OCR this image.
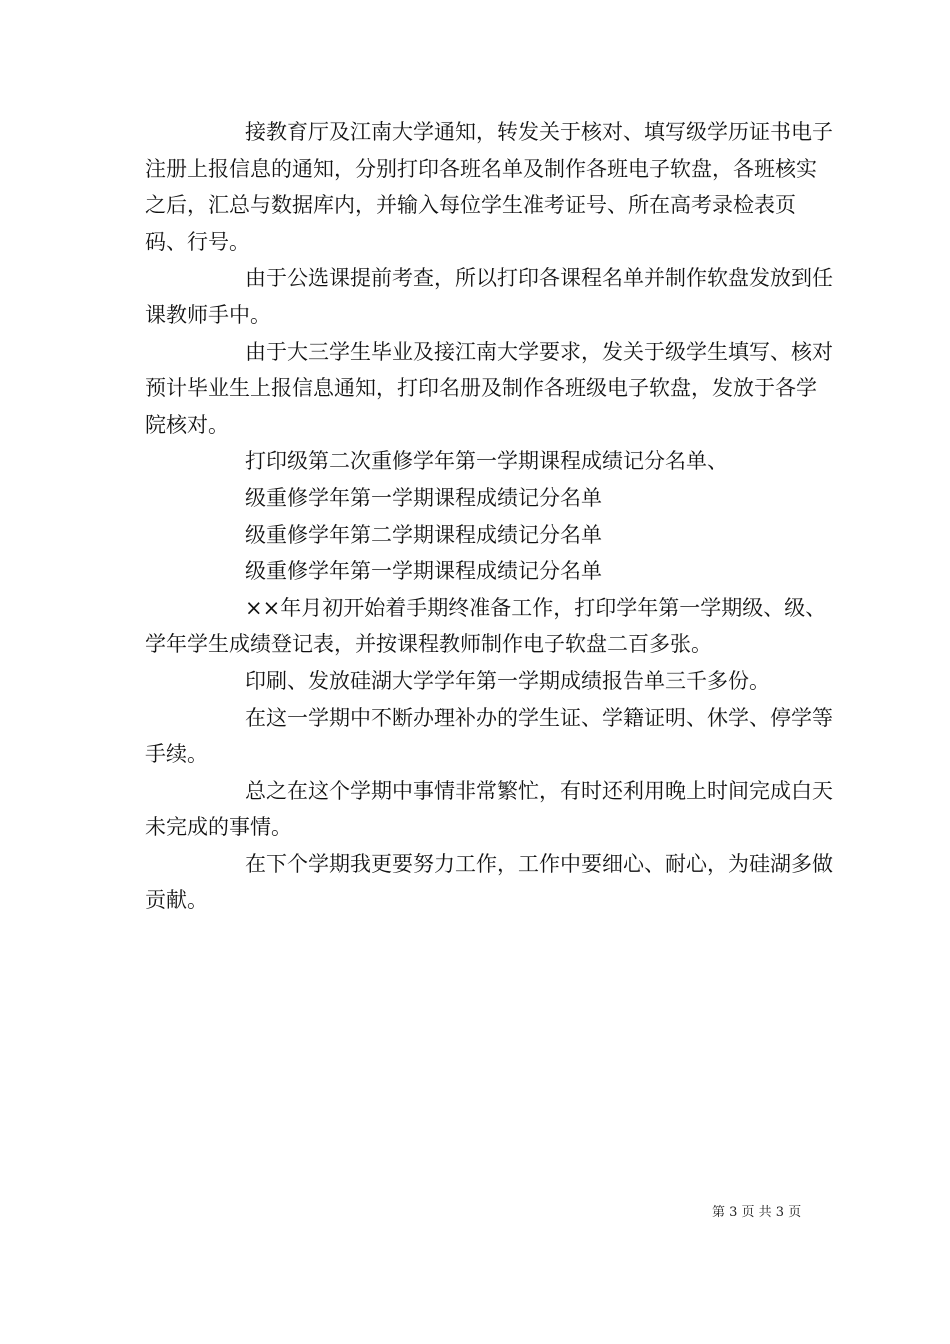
接教育厅及江南大学通知，转发关于核对、填写级学历证书电子注册上报信息的通知，分别打印各班名单及制作各班电子软盘，各班核实之后，汇总与数据库内，并输入每位学生准考证号、所在高考录检表页码、行号。

由于公选课提前考查，所以打印各课程名单并制作软盘发放到任课教师手中。

由于大三学生毕业及接江南大学要求，发关于级学生填写、核对预计毕业生上报信息通知，打印名册及制作各班级电子软盘，发放于各学院核对。

打印级第二次重修学年第一学期课程成绩记分名单、

级重修学年第一学期课程成绩记分名单

级重修学年第二学期课程成绩记分名单

级重修学年第一学期课程成绩记分名单

××年月初开始着手期终准备工作，打印学年第一学期级、级、学年学生成绩登记表，并按课程教师制作电子软盘二百多张。

印刷、发放硅湖大学学年第一学期成绩报告单三千多份。

在这一学期中不断办理补办的学生证、学籍证明、休学、停学等手续。

总之在这个学期中事情非常繁忙，有时还利用晚上时间完成白天未完成的事情。

在下个学期我更要努力工作，工作中要细心、耐心，为硅湖多做贡献。

第 3 页 共 3 页
